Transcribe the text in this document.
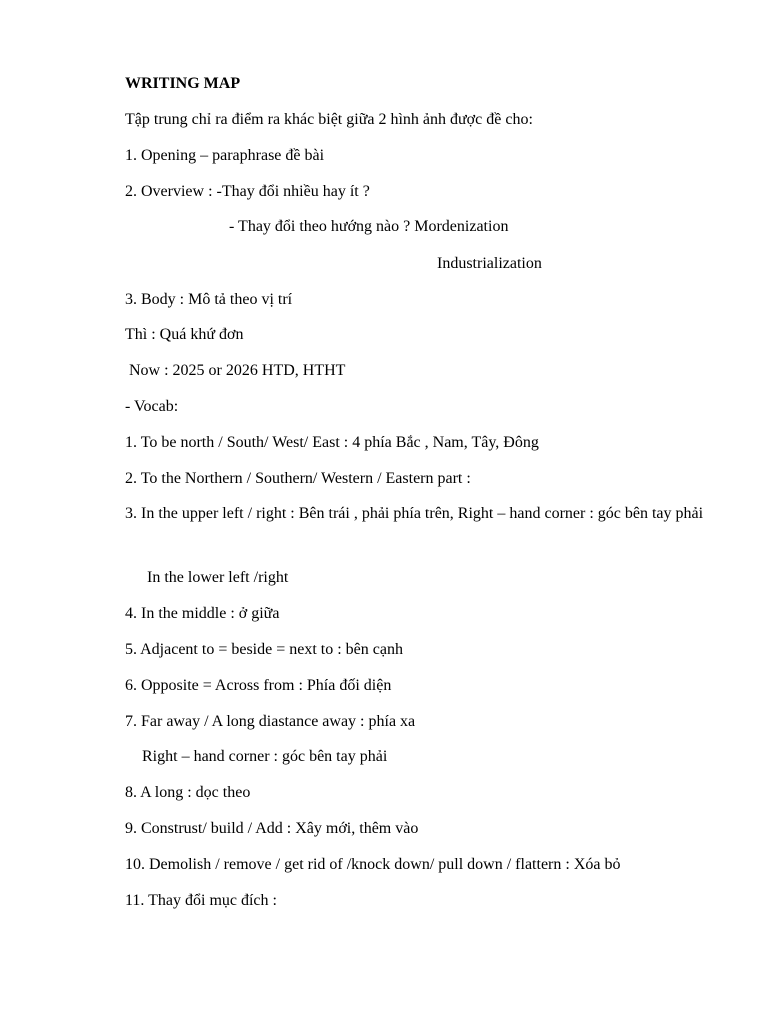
WRITING MAP
Tập trung chỉ ra điểm ra khác biệt giữa 2 hình ảnh được đề cho:
1. Opening – paraphrase đề bài
2. Overview : -Thay đổi nhiều hay ít ?
- Thay đổi theo hướng nào ? Mordenization
Industrialization
3. Body : Mô tả theo vị trí
Thì : Quá khứ đơn
Now : 2025 or 2026 HTD, HTHT
- Vocab:
1. To be north / South/ West/ East : 4 phía Bắc , Nam, Tây, Đông
2. To the Northern / Southern/ Western / Eastern part :
3. In the upper left / right : Bên trái , phải phía trên, Right – hand corner : góc bên tay phải
In the lower left /right
4. In the middle : ở giữa
5. Adjacent to = beside = next to : bên cạnh
6. Opposite = Across from : Phía đối diện
7. Far away / A long diastance away : phía xa
Right – hand corner : góc bên tay phải
8. A long : dọc theo
9. Construst/ build / Add : Xây mới, thêm vào
10. Demolish / remove / get rid of /knock down/ pull down / flattern : Xóa bỏ
11. Thay đổi mục đích :
